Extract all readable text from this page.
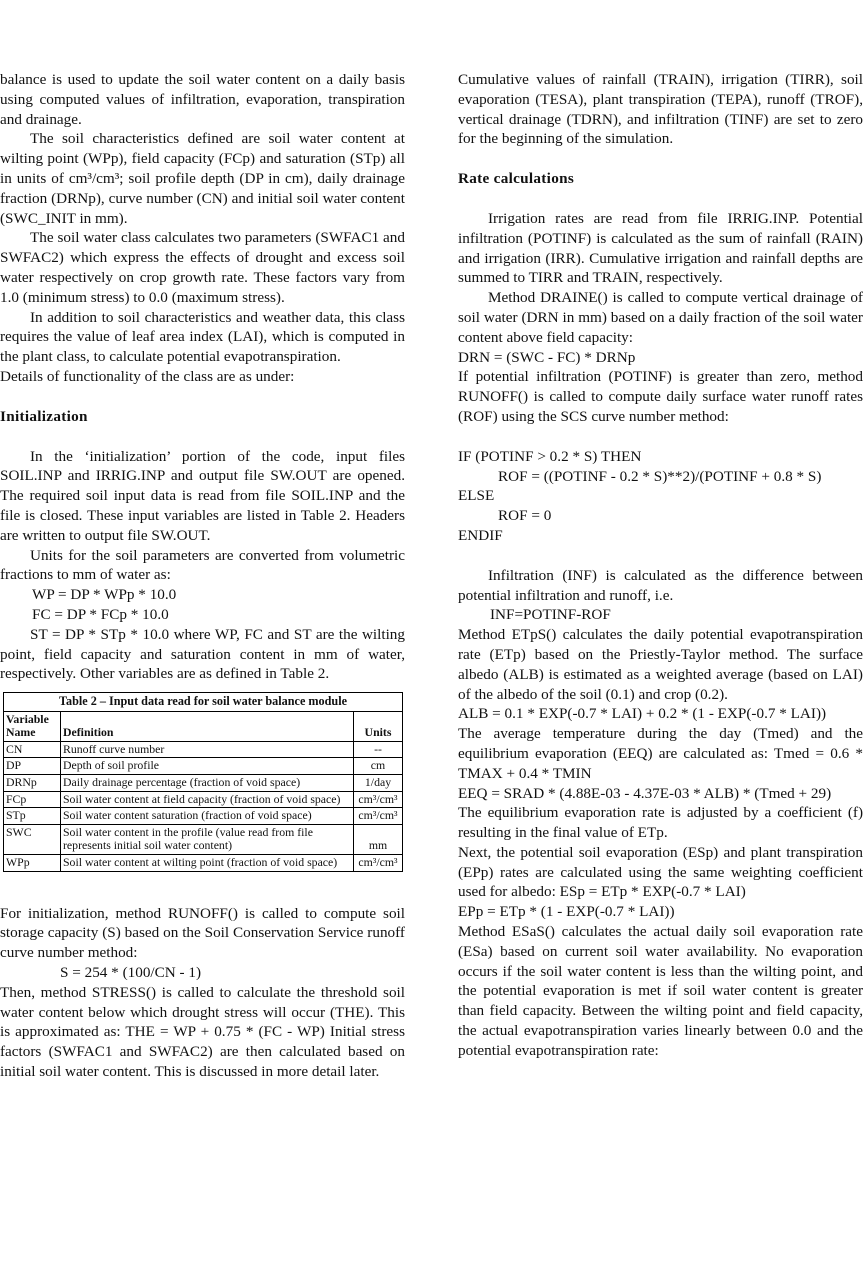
balance is used to update the soil water content on a daily basis using computed values of infiltration, evaporation, transpiration and drainage.

The soil characteristics defined are soil water content at wilting point (WPp), field capacity (FCp) and saturation (STp) all in units of cm³/cm³; soil profile depth (DP in cm), daily drainage fraction (DRNp), curve number (CN) and initial soil water content (SWC_INIT in mm).

The soil water class calculates two parameters (SWFAC1 and SWFAC2) which express the effects of drought and excess soil water respectively on crop growth rate. These factors vary from 1.0 (minimum stress) to 0.0 (maximum stress).

In addition to soil characteristics and weather data, this class requires the value of leaf area index (LAI), which is computed in the plant class, to calculate potential evapotranspiration.

Details of functionality of the class are as under:

Initialization

In the ‘initialization’ portion of the code, input files SOIL.INP and IRRIG.INP and output file SW.OUT are opened. The required soil input data is read from file SOIL.INP and the file is closed. These input variables are listed in Table 2. Headers are written to output file SW.OUT.

Units for the soil parameters are converted from volumetric fractions to mm of water as:

WP = DP * WPp * 10.0

FC = DP * FCp * 10.0

ST = DP * STp * 10.0 where WP, FC and ST are the wilting point, field capacity and saturation content in mm of water, respectively. Other variables are as defined in Table 2.

Table 2 – Input data read for soil water balance module		
Variable Name	Definition	Units
CN	Runoff curve number	--
DP	Depth of soil profile	cm
DRNp	Daily drainage percentage (fraction of void space)	1/day
FCp	Soil water content at field capacity (fraction of void space)	cm³/cm³
STp	Soil water content saturation (fraction of void space)	cm³/cm³
SWC	Soil water content in the profile (value read from file represents initial soil water content)	mm
WPp	Soil water content at wilting point (fraction of void space)	cm³/cm³

For initialization, method RUNOFF() is called to compute soil storage capacity (S) based on the Soil Conservation Service runoff curve number method:

S = 254 * (100/CN - 1)

Then, method STRESS() is called to calculate the threshold soil water content below which drought stress will occur (THE). This is approximated as: THE = WP + 0.75 * (FC - WP) Initial stress factors (SWFAC1 and SWFAC2) are then calculated based on initial soil water content. This is discussed in more detail later.

Cumulative values of rainfall (TRAIN), irrigation (TIRR), soil evaporation (TESA), plant transpiration (TEPA), runoff (TROF), vertical drainage (TDRN), and infiltration (TINF) are set to zero for the beginning of the simulation.

Rate calculations

Irrigation rates are read from file IRRIG.INP. Potential infiltration (POTINF) is calculated as the sum of rainfall (RAIN) and irrigation (IRR). Cumulative irrigation and rainfall depths are summed to TIRR and TRAIN, respectively.

Method DRAINE() is called to compute vertical drainage of soil water (DRN in mm) based on a daily fraction of the soil water content above field capacity:

DRN = (SWC - FC) * DRNp

If potential infiltration (POTINF) is greater than zero, method RUNOFF() is called to compute daily surface water runoff rates (ROF) using the SCS curve number method:

IF (POTINF > 0.2 * S) THEN

ROF = ((POTINF - 0.2 * S)**2)/(POTINF + 0.8 * S)

ELSE

ROF = 0

ENDIF

Infiltration (INF) is calculated as the difference between potential infiltration and runoff, i.e.

INF=POTINF-ROF

Method ETpS() calculates the daily potential evapotranspiration rate (ETp) based on the Priestly-Taylor method. The surface albedo (ALB) is estimated as a weighted average (based on LAI) of the albedo of the soil (0.1) and crop (0.2).

ALB = 0.1 * EXP(-0.7 * LAI) + 0.2 * (1 - EXP(-0.7 * LAI))

The average temperature during the day (Tmed) and the equilibrium evaporation (EEQ) are calculated as: Tmed = 0.6 * TMAX + 0.4 * TMIN

EEQ = SRAD * (4.88E-03 - 4.37E-03 * ALB) * (Tmed + 29)

The equilibrium evaporation rate is adjusted by a coefficient (f) resulting in the final value of ETp.

Next, the potential soil evaporation (ESp) and plant transpiration (EPp) rates are calculated using the same weighting coefficient used for albedo: ESp = ETp * EXP(-0.7 * LAI)

EPp = ETp * (1 - EXP(-0.7 * LAI))

Method ESaS() calculates the actual daily soil evaporation rate (ESa) based on current soil water availability. No evaporation occurs if the soil water content is less than the wilting point, and the potential evaporation is met if soil water content is greater than field capacity. Between the wilting point and field capacity, the actual evapotranspiration varies linearly between 0.0 and the potential evapotranspiration rate:
